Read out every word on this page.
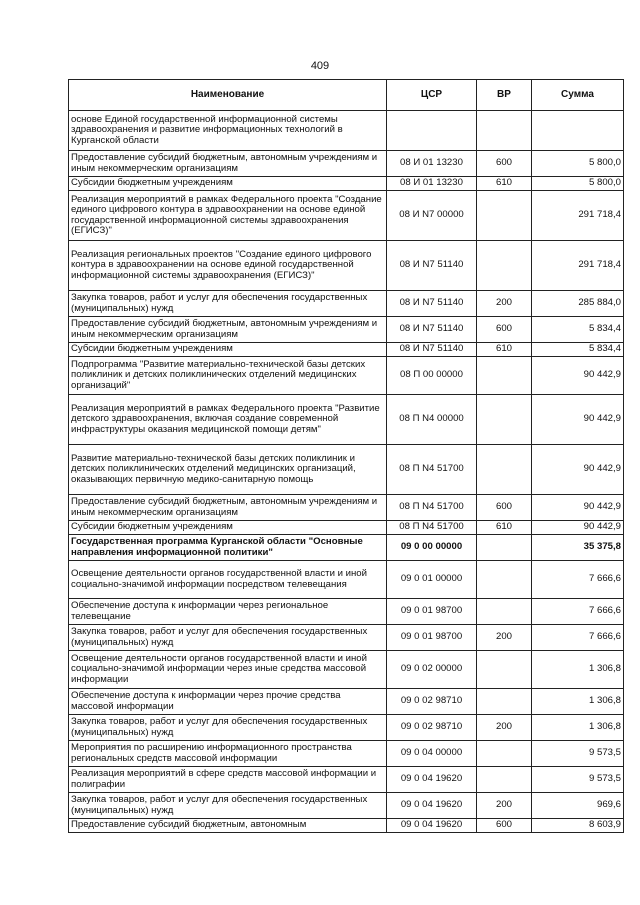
409
Наименование	ЦСР	ВР	Сумма
основе Единой государственной информационной системы здравоохранения и развитие информационных технологий в Курганской области			
Предоставление субсидий бюджетным, автономным учреждениям и иным некоммерческим организациям	08 И 01 13230	600	5 800,0
Субсидии бюджетным учреждениям	08 И 01 13230	610	5 800,0
Реализация мероприятий в рамках Федерального проекта "Создание единого цифрового контура в здравоохранении на основе единой государственной информационной системы здравоохранения (ЕГИСЗ)"	08 И N7 00000		291 718,4
Реализация региональных проектов "Создание единого цифрового контура в здравоохранении на основе единой государственной информационной системы здравоохранения (ЕГИСЗ)"	08 И N7 51140		291 718,4
Закупка товаров, работ и услуг для обеспечения государственных (муниципальных) нужд	08 И N7 51140	200	285 884,0
Предоставление субсидий бюджетным, автономным учреждениям и иным некоммерческим организациям	08 И N7 51140	600	5 834,4
Субсидии бюджетным учреждениям	08 И N7 51140	610	5 834,4
Подпрограмма "Развитие материально-технической базы детских поликлиник и детских поликлинических отделений медицинских организаций"	08 П 00 00000		90 442,9
Реализация мероприятий в рамках Федерального проекта "Развитие детского здравоохранения, включая создание современной инфраструктуры оказания медицинской помощи детям"	08 П N4 00000		90 442,9
Развитие материально-технической базы детских поликлиник и детских поликлинических отделений медицинских организаций, оказывающих первичную медико-санитарную помощь	08 П N4 51700		90 442,9
Предоставление субсидий бюджетным, автономным учреждениям и иным некоммерческим организациям	08 П N4 51700	600	90 442,9
Субсидии бюджетным учреждениям	08 П N4 51700	610	90 442,9
Государственная программа Курганской области "Основные направления информационной политики"	09 0 00 00000		35 375,8
Освещение деятельности органов государственной власти и иной социально-значимой информации посредством телевещания	09 0 01 00000		7 666,6
Обеспечение доступа к информации через региональное телевещание	09 0 01 98700		7 666,6
Закупка товаров, работ и услуг для обеспечения государственных (муниципальных) нужд	09 0 01 98700	200	7 666,6
Освещение деятельности органов государственной власти и иной социально-значимой информации через иные средства массовой информации	09 0 02 00000		1 306,8
Обеспечение доступа к информации через прочие средства массовой информации	09 0 02 98710		1 306,8
Закупка товаров, работ и услуг для обеспечения государственных (муниципальных) нужд	09 0 02 98710	200	1 306,8
Мероприятия по расширению информационного пространства региональных средств массовой информации	09 0 04 00000		9 573,5
Реализация мероприятий в сфере средств массовой информации и полиграфии	09 0 04 19620		9 573,5
Закупка товаров, работ и услуг для обеспечения государственных (муниципальных) нужд	09 0 04 19620	200	969,6
Предоставление субсидий бюджетным, автономным	09 0 04 19620	600	8 603,9
